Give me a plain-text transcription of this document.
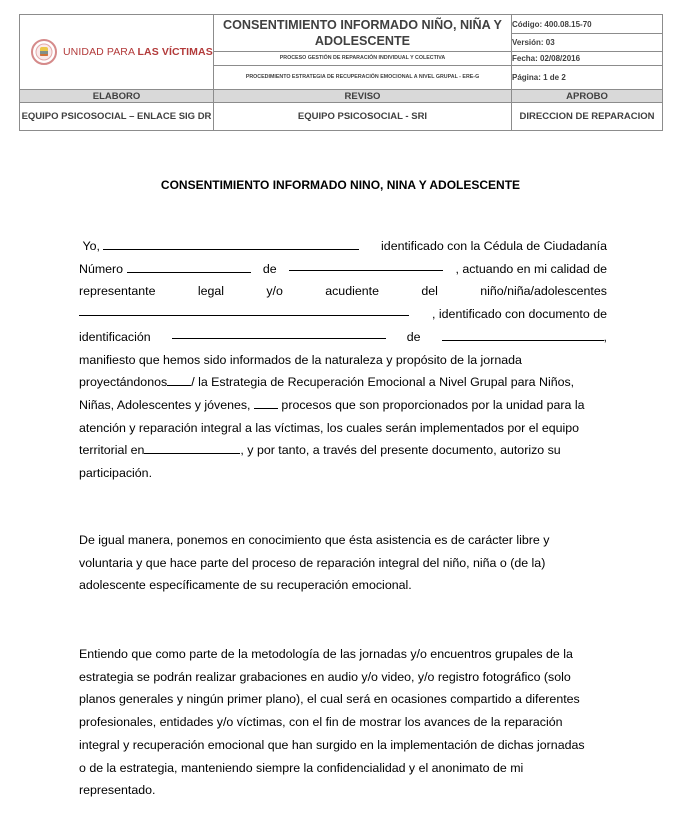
UNIDAD PARA LAS VÍCTIMAS	CONSENTIMIENTO INFORMADO NIÑO, NIÑA Y ADOLESCENTE	Código: 400.08.15-70
		Versión: 03
	PROCESO GESTIÓN DE REPARACIÓN INDIVIDUAL Y COLECTIVA	Fecha: 02/08/2016
	PROCEDIMIENTO ESTRATEGIA DE RECUPERACIÓN EMOCIONAL A NIVEL GRUPAL - ERE-G	Página: 1 de 2
ELABORO	REVISO	APROBO
EQUIPO PSICOSOCIAL – ENLACE SIG DR	EQUIPO PSICOSOCIAL - SRI	DIRECCION DE REPARACION
CONSENTIMIENTO INFORMADO NINO, NINA Y ADOLESCENTE
Yo,	identificado con la Cédula de Ciudadanía
Número	de	, actuando en mi calidad de
representante	legal	y/o	acudiente	del	niño/niña/adolescentes
, identificado con documento de
identificación	de	,
manifiesto que hemos sido informados de la naturaleza y propósito de la jornada
proyectándonos / la Estrategia de Recuperación Emocional a Nivel Grupal para Niños,
Niñas, Adolescentes y jóvenes, procesos que son proporcionados por la unidad para la
atención y reparación integral a las víctimas, los cuales serán implementados por el equipo
territorial en	, y por tanto, a través del presente documento, autorizo su
participación.
De igual manera, ponemos en conocimiento que ésta asistencia es de carácter libre y
voluntaria y que hace parte del proceso de reparación integral del niño, niña o (de la)
adolescente específicamente de su recuperación emocional.
Entiendo que como parte de la metodología de las jornadas y/o encuentros grupales de la
estrategia se podrán realizar grabaciones en audio y/o video, y/o registro fotográfico (solo
planos generales y ningún primer plano), el cual será en ocasiones compartido a diferentes
profesionales, entidades y/o víctimas, con el fin de mostrar los avances de la reparación
integral y recuperación emocional que han surgido en la implementación de dichas jornadas
o de la estrategia, manteniendo siempre la confidencialidad y el anonimato de mi
representado.
